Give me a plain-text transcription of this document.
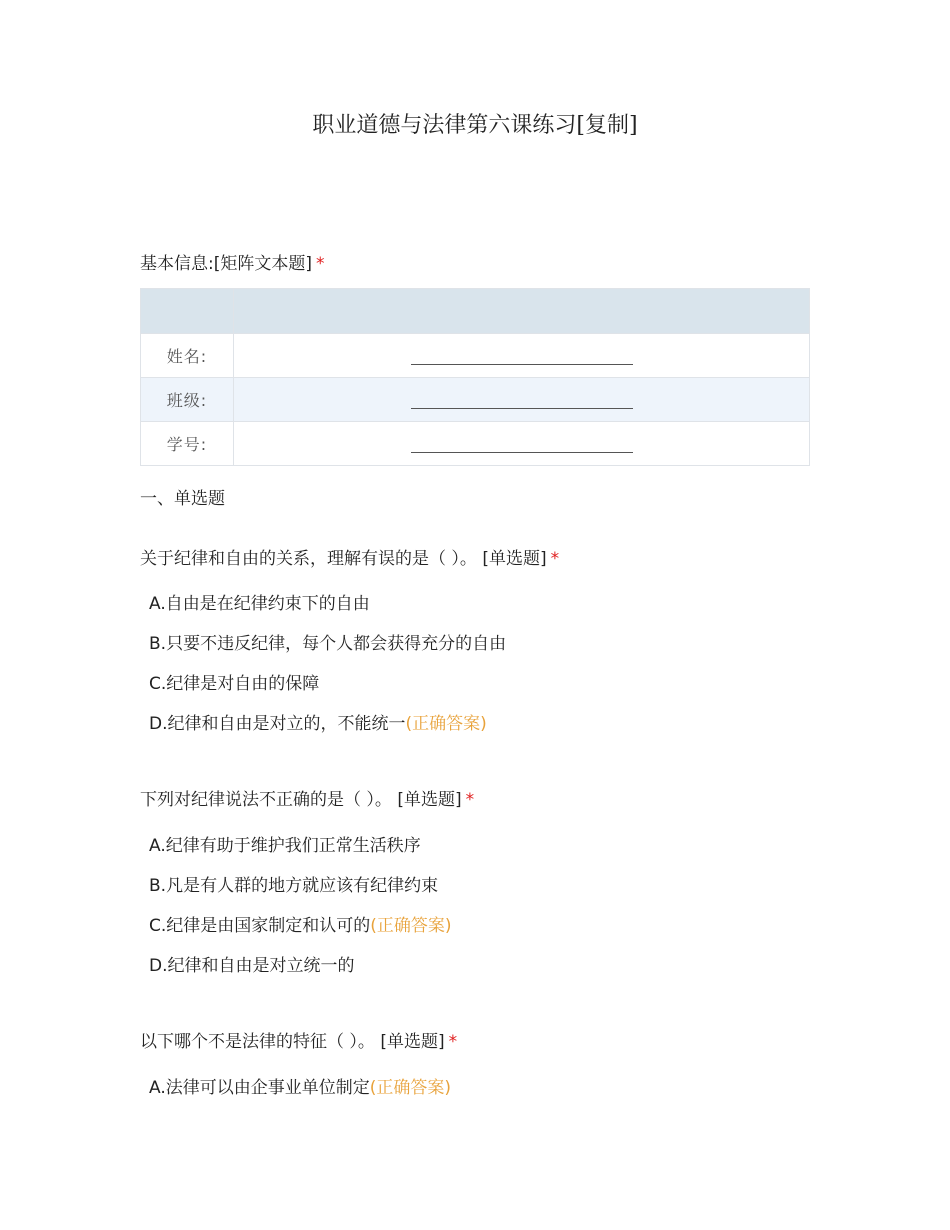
职业道德与法律第六课练习[复制]
基本信息:[矩阵文本题] *

姓名:	
班级:	
学号:	
一、单选题
关于纪律和自由的关系，理解有误的是（ ）。 [单选题] *
A.自由是在纪律约束下的自由
B.只要不违反纪律，每个人都会获得充分的自由
C.纪律是对自由的保障
D.纪律和自由是对立的，不能统一(正确答案)
下列对纪律说法不正确的是（ ）。 [单选题] *
A.纪律有助于维护我们正常生活秩序
B.凡是有人群的地方就应该有纪律约束
C.纪律是由国家制定和认可的(正确答案)
D.纪律和自由是对立统一的
以下哪个不是法律的特征（ ）。 [单选题] *
A.法律可以由企事业单位制定(正确答案)
